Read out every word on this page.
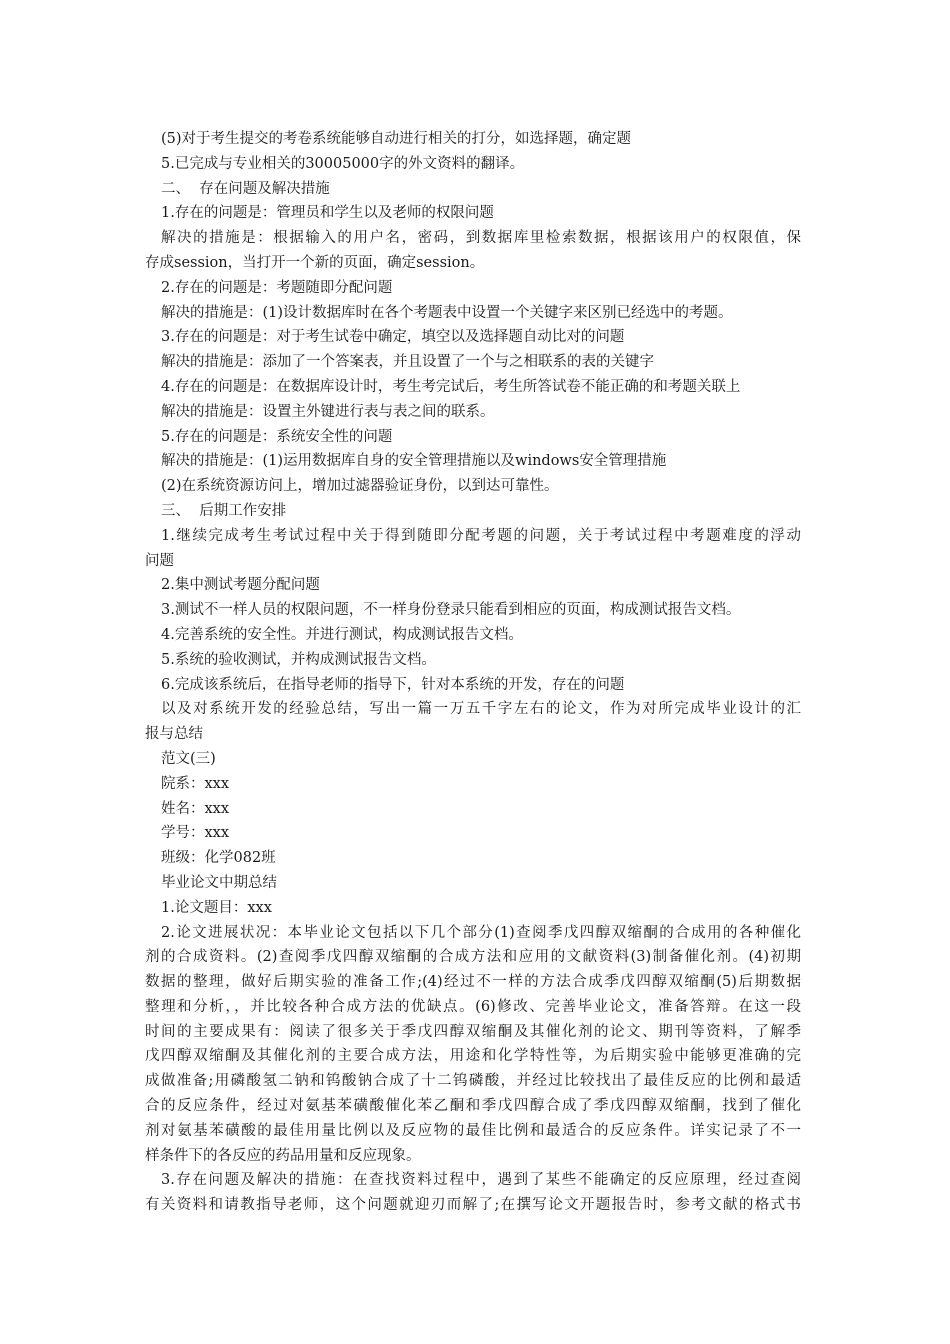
(5)对于考生提交的考卷系统能够自动进行相关的打分，如选择题，确定题
5.已完成与专业相关的30005000字的外文资料的翻译。
二、  存在问题及解决措施
1.存在的问题是：管理员和学生以及老师的权限问题
解决的措施是：根据输入的用户名，密码，到数据库里检索数据，根据该用户的权限值，保
存成session，当打开一个新的页面，确定session。
2.存在的问题是：考题随即分配问题
解决的措施是：(1)设计数据库时在各个考题表中设置一个关键字来区别已经选中的考题。
3.存在的问题是：对于考生试卷中确定，填空以及选择题自动比对的问题
解决的措施是：添加了一个答案表，并且设置了一个与之相联系的表的关键字
4.存在的问题是：在数据库设计时，考生考完试后，考生所答试卷不能正确的和考题关联上
解决的措施是：设置主外键进行表与表之间的联系。
5.存在的问题是：系统安全性的问题
解决的措施是：(1)运用数据库自身的安全管理措施以及windows安全管理措施
(2)在系统资源访问上，增加过滤器验证身份，以到达可靠性。
三、  后期工作安排
1.继续完成考生考试过程中关于得到随即分配考题的问题，关于考试过程中考题难度的浮动
问题
2.集中测试考题分配问题
3.测试不一样人员的权限问题，不一样身份登录只能看到相应的页面，构成测试报告文档。
4.完善系统的安全性。并进行测试，构成测试报告文档。
5.系统的验收测试，并构成测试报告文档。
6.完成该系统后，在指导老师的指导下，针对本系统的开发，存在的问题
以及对系统开发的经验总结，写出一篇一万五千字左右的论文，作为对所完成毕业设计的汇
报与总结
范文(三)
院系：xxx
姓名：xxx
学号：xxx
班级：化学082班
毕业论文中期总结
1.论文题目：xxx
2.论文进展状况：本毕业论文包括以下几个部分(1)查阅季戊四醇双缩酮的合成用的各种催化
剂的合成资料。(2)查阅季戊四醇双缩酮的合成方法和应用的文献资料(3)制备催化剂。(4)初期
数据的整理，做好后期实验的准备工作;(4)经过不一样的方法合成季戊四醇双缩酮(5)后期数据
整理和分析，，并比较各种合成方法的优缺点。(6)修改、完善毕业论文，准备答辩。在这一段
时间的主要成果有：阅读了很多关于季戊四醇双缩酮及其催化剂的论文、期刊等资料，了解季
戊四醇双缩酮及其催化剂的主要合成方法，用途和化学特性等，为后期实验中能够更准确的完
成做准备;用磷酸氢二钠和钨酸钠合成了十二钨磷酸，并经过比较找出了最佳反应的比例和最适
合的反应条件，经过对氨基苯磺酸催化苯乙酮和季戊四醇合成了季戊四醇双缩酮，找到了催化
剂对氨基苯磺酸的最佳用量比例以及反应物的最佳比例和最适合的反应条件。详实记录了不一
样条件下的各反应的药品用量和反应现象。
3.存在问题及解决的措施：在查找资料过程中，遇到了某些不能确定的反应原理，经过查阅
有关资料和请教指导老师，这个问题就迎刃而解了;在撰写论文开题报告时，参考文献的格式书
